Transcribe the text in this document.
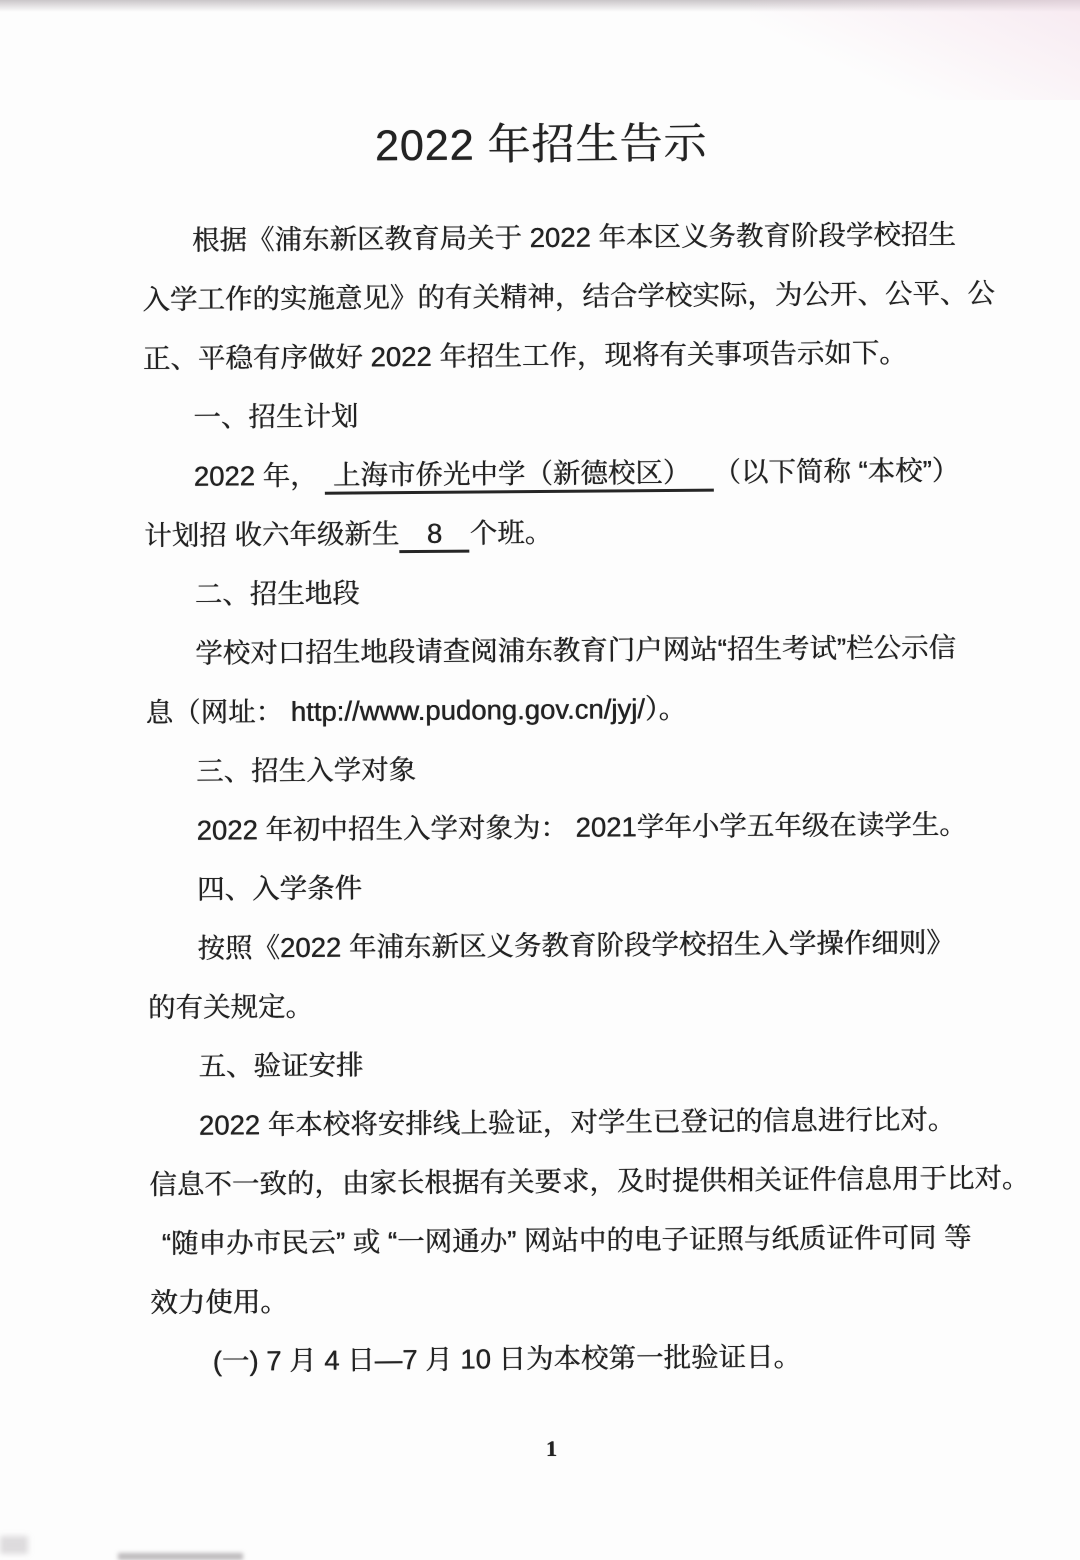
2022 年招生告示
根据《浦东新区教育局关于 2022 年本区义务教育阶段学校招生
入学工作的实施意见》的有关精神，结合学校实际，为公开、公平、公
正、平稳有序做好 2022 年招生工作，现将有关事项告示如下。
一、招生计划
2022 年，  上海市侨光中学（新德校区）   （以下简称 “本校”）
计划招 收六年级新生　8　个班。
二、招生地段
学校对口招生地段请查阅浦东教育门户网站“招生考试”栏公示信
息（网址： http://www.pudong.gov.cn/jyj/）。
三、招生入学对象
2022 年初中招生入学对象为： 2021学年小学五年级在读学生。
四、入学条件
按照《2022 年浦东新区义务教育阶段学校招生入学操作细则》
的有关规定。
五、验证安排
2022 年本校将安排线上验证，对学生已登记的信息进行比对。
信息不一致的，由家长根据有关要求，及时提供相关证件信息用于比对。
“随申办市民云” 或 “一网通办” 网站中的电子证照与纸质证件可同 等
效力使用。
(一) 7 月 4 日—7 月 10 日为本校第一批验证日。
1
